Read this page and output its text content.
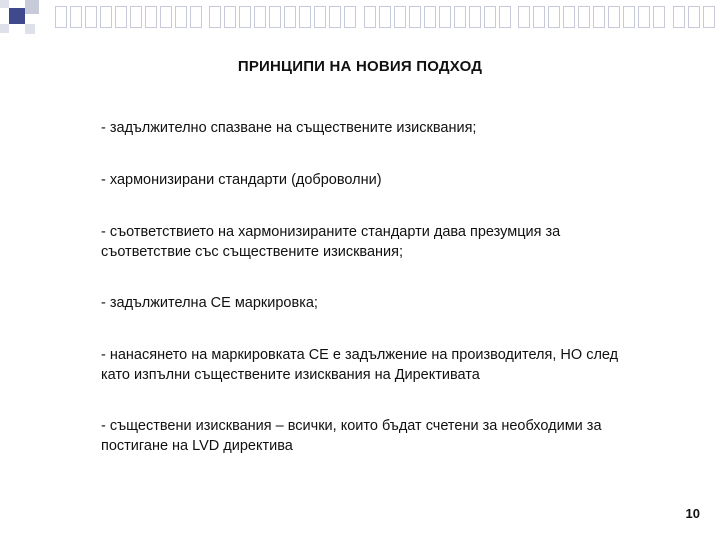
ПРИНЦИПИ НА НОВИЯ ПОДХОД
- задължително спазване на съществените изисквания;
- хармонизирани стандарти (доброволни)
- съответствието на хармонизираните стандарти дава презумция за съответствие със съществените изисквания;
- задължителна CE маркировка;
- нанасянето на маркировката CE е задължение на производителя, НО след като изпълни съществените изисквания на Директивата
- съществени изисквания – всички, които бъдат счетени за необходими за постигане на LVD директива
10
